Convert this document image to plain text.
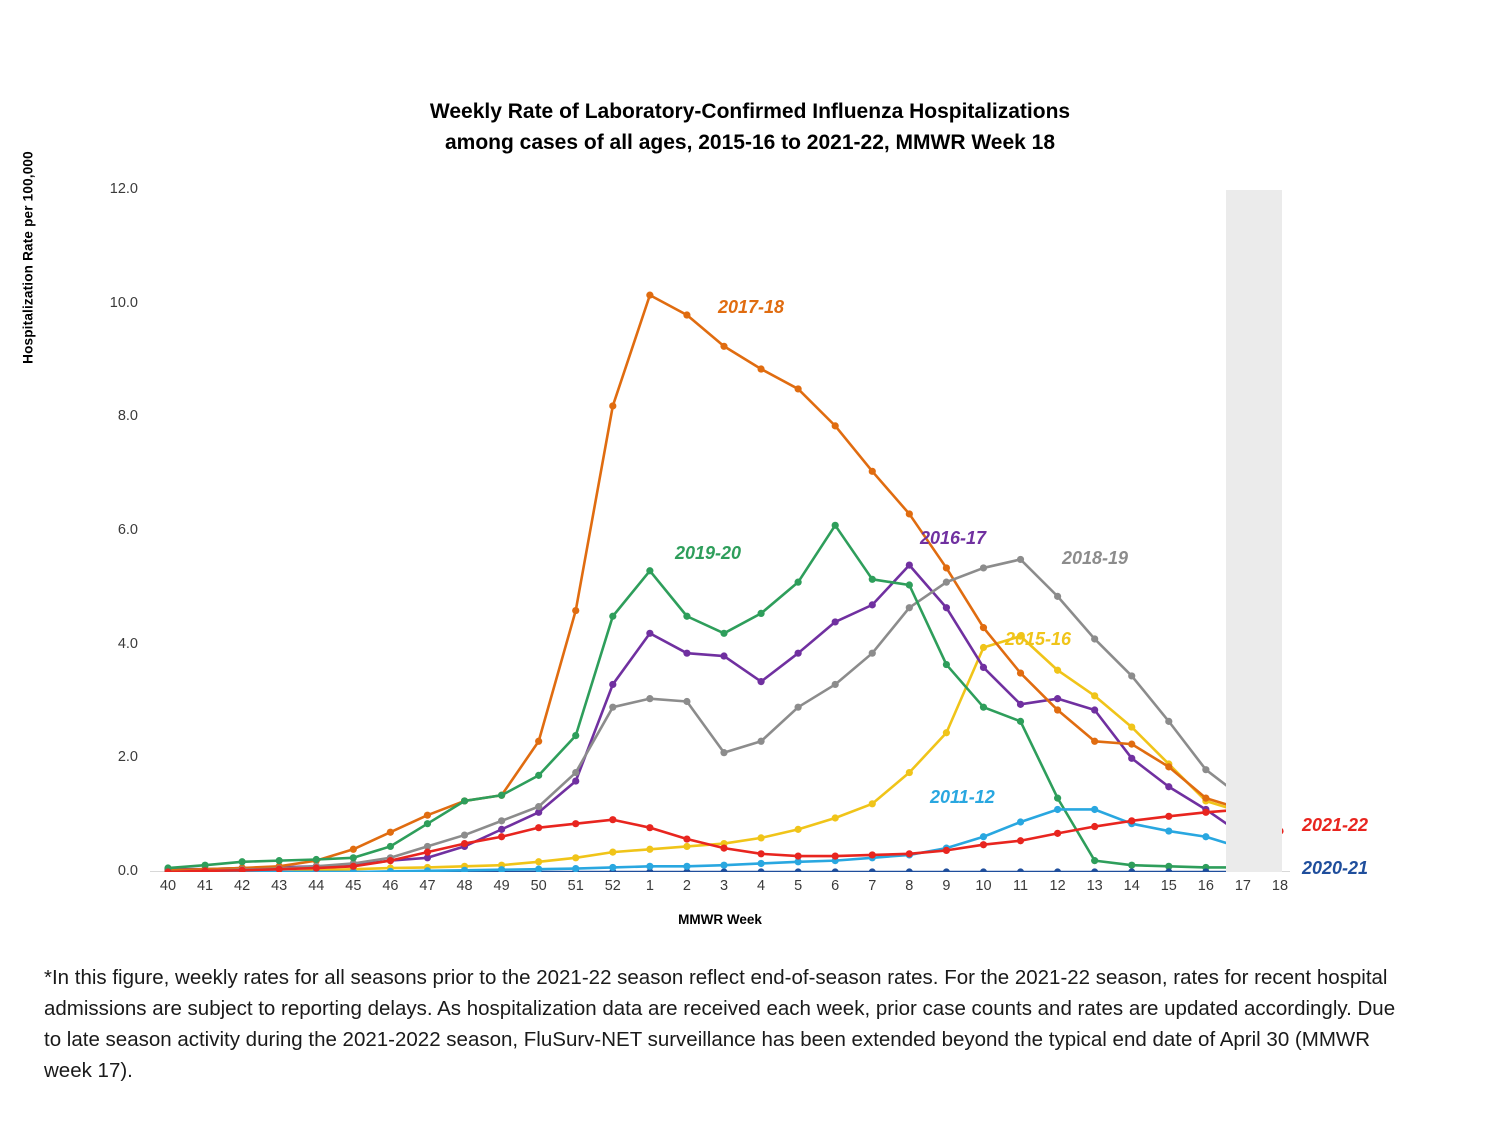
Weekly Rate of Laboratory-Confirmed Influenza Hospitalizations
among cases of all ages, 2015-16 to 2021-22, MMWR Week 18
Hospitalization Rate per 100,000
0.0
2.0
4.0
6.0
8.0
10.0
12.0
40	41	42	43	44	45	46	47	48	49	50	51	52	1	2	3	4	5	6	7	8	9	10	11	12	13	14	15	16	17	18
2015-16
2016-17
2017-18
2018-19
2019-20
2020-21
2011-12
2021-22
MMWR Week
*In this figure, weekly rates for all seasons prior to the 2021-22 season reflect end-of-season rates. For the 2021-22 season, rates for recent hospital admissions are subject to reporting delays. As hospitalization data are received each week, prior case counts and rates are updated accordingly. Due to late season activity during the 2021-2022 season, FluSurv-NET surveillance has been extended beyond the typical end date of April 30 (MMWR week 17).
